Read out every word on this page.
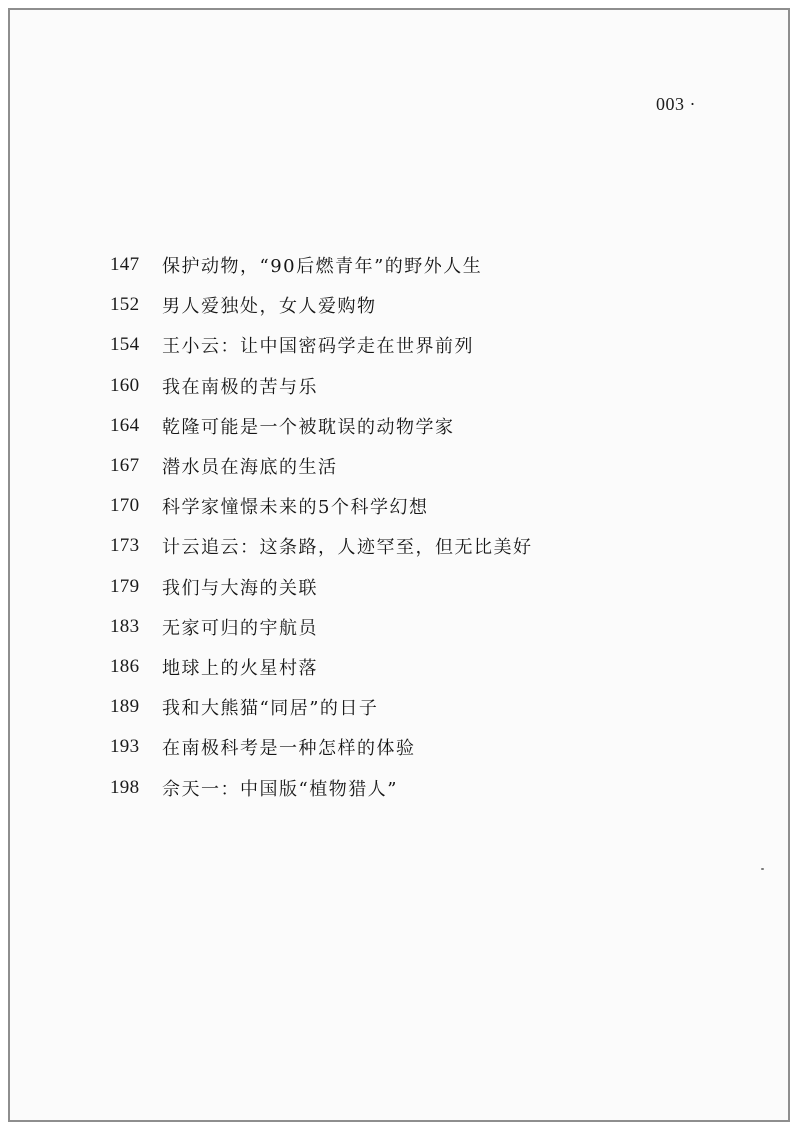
003 ·
147	保护动物，“90后燃青年”的野外人生
152	男人爱独处，女人爱购物
154	王小云：让中国密码学走在世界前列
160	我在南极的苦与乐
164	乾隆可能是一个被耽误的动物学家
167	潜水员在海底的生活
170	科学家憧憬未来的5个科学幻想
173	计云追云：这条路，人迹罕至，但无比美好
179	我们与大海的关联
183	无家可归的宇航员
186	地球上的火星村落
189	我和大熊猫“同居”的日子
193	在南极科考是一种怎样的体验
198	佘天一：中国版“植物猎人”
